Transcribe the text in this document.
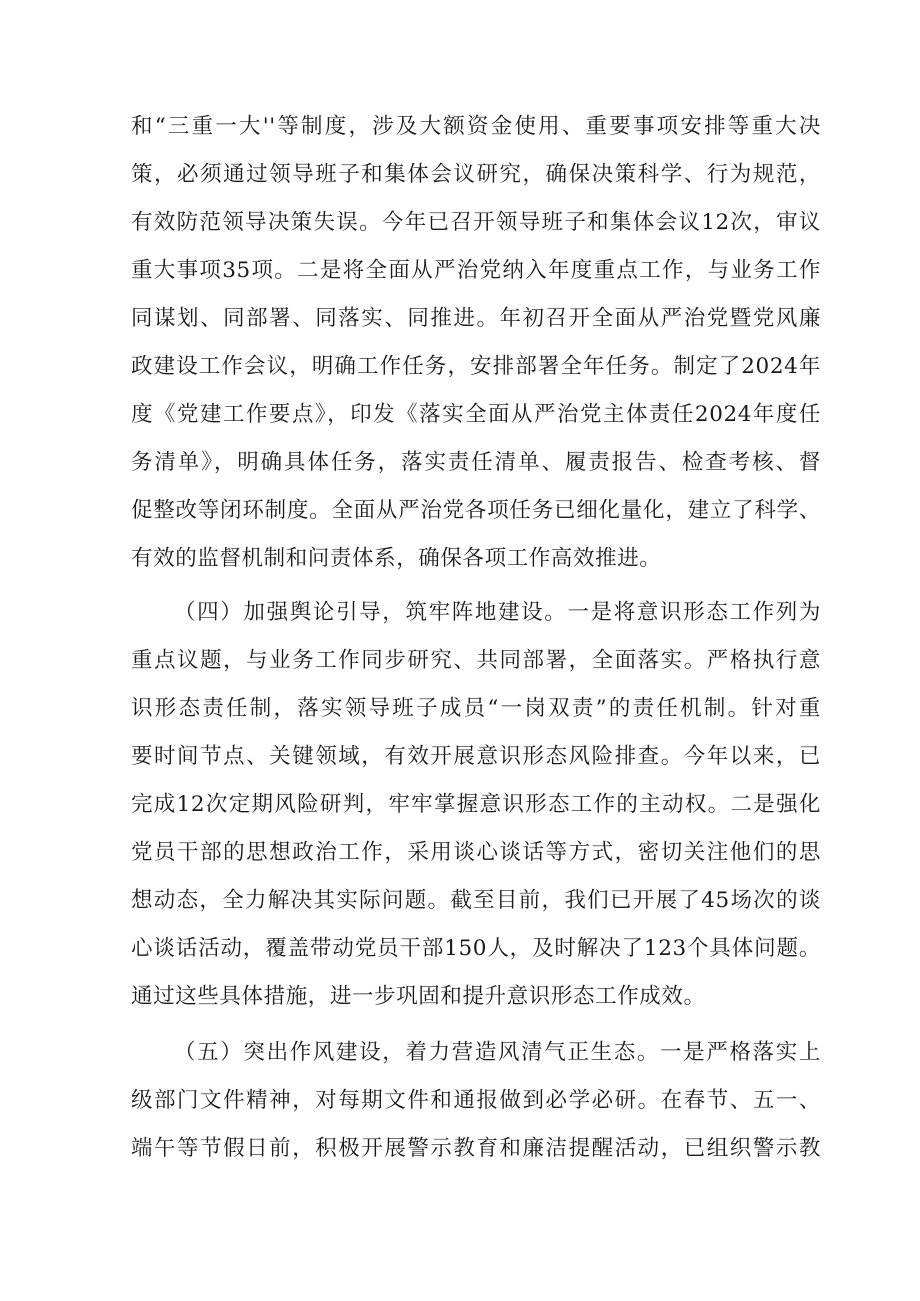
和“三重一大''等制度，涉及大额资金使用、重要事项安排等重大决
策，必须通过领导班子和集体会议研究，确保决策科学、行为规范，
有效防范领导决策失误。今年已召开领导班子和集体会议12次，审议
重大事项35项。二是将全面从严治党纳入年度重点工作，与业务工作
同谋划、同部署、同落实、同推进。年初召开全面从严治党暨党风廉
政建设工作会议，明确工作任务，安排部署全年任务。制定了2024年
度《党建工作要点》，印发《落实全面从严治党主体责任2024年度任
务清单》，明确具体任务，落实责任清单、履责报告、检查考核、督
促整改等闭环制度。全面从严治党各项任务已细化量化，建立了科学、
有效的监督机制和问责体系，确保各项工作高效推进。
（四）加强舆论引导，筑牢阵地建设。一是将意识形态工作列为
重点议题，与业务工作同步研究、共同部署，全面落实。严格执行意
识形态责任制，落实领导班子成员“一岗双责”的责任机制。针对重
要时间节点、关键领域，有效开展意识形态风险排查。今年以来，已
完成12次定期风险研判，牢牢掌握意识形态工作的主动权。二是强化
党员干部的思想政治工作，采用谈心谈话等方式，密切关注他们的思
想动态，全力解决其实际问题。截至目前，我们已开展了45场次的谈
心谈话活动，覆盖带动党员干部150人，及时解决了123个具体问题。
通过这些具体措施，进一步巩固和提升意识形态工作成效。
（五）突出作风建设，着力营造风清气正生态。一是严格落实上
级部门文件精神，对每期文件和通报做到必学必研。在春节、五一、
端午等节假日前，积极开展警示教育和廉洁提醒活动，已组织警示教
